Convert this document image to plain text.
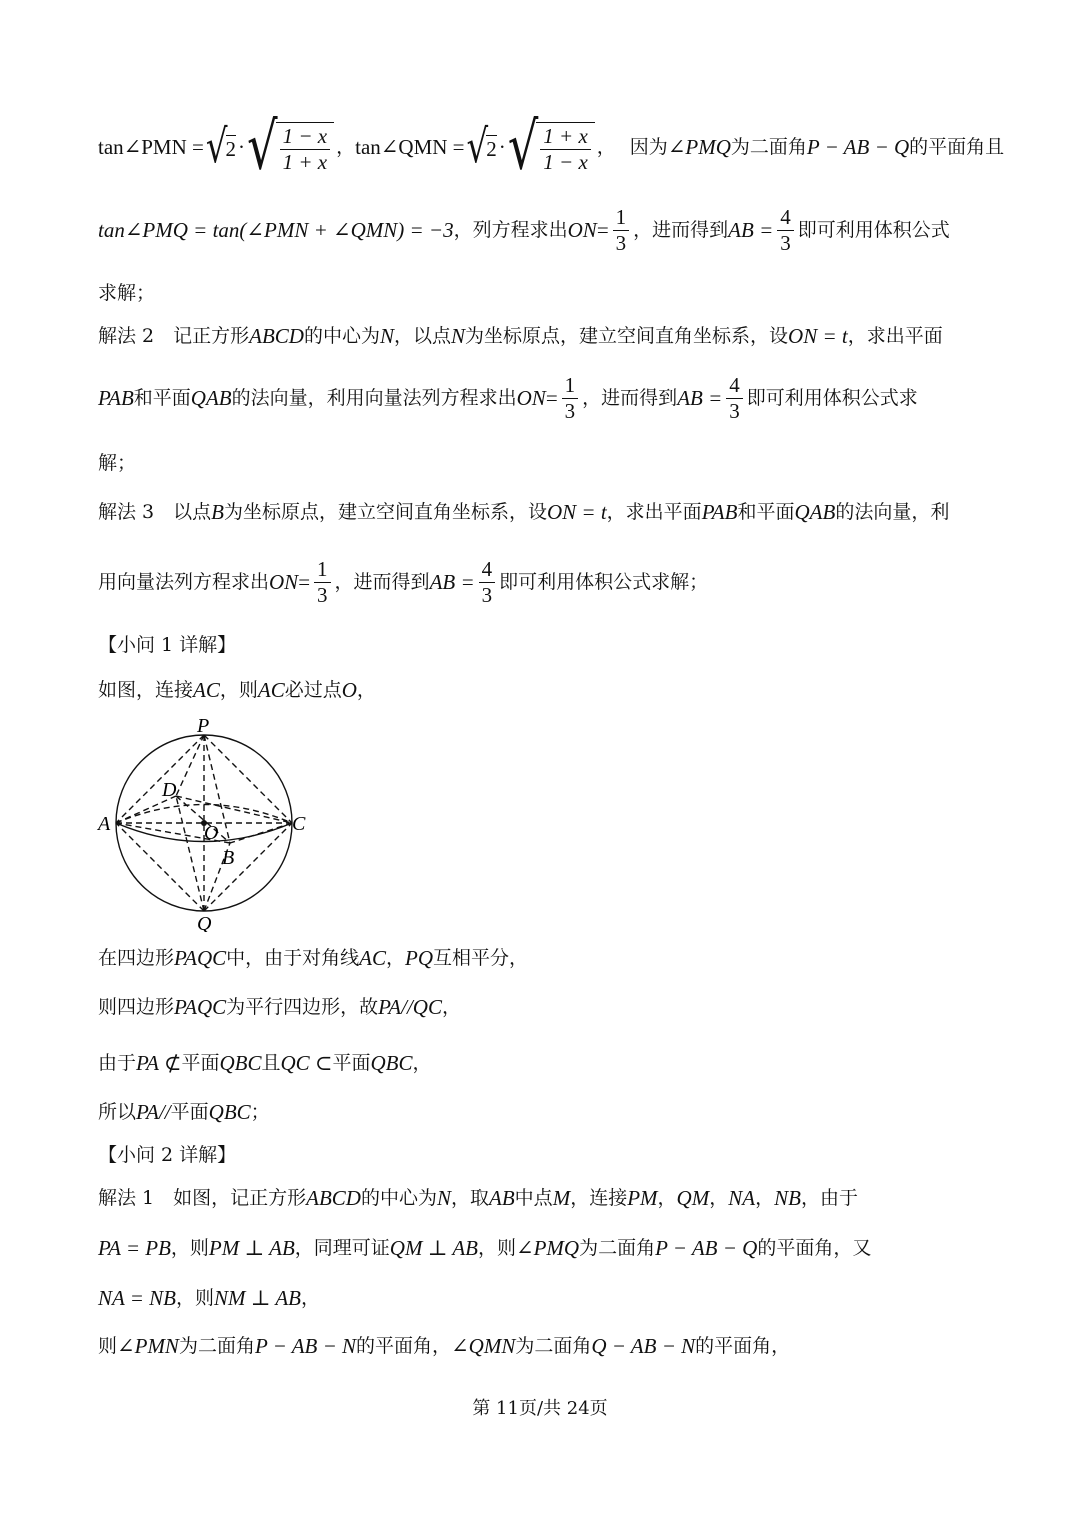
tan∠PMN = √
2 · √ $\frac{1 - x}{1 + x}$ ， tan∠QMN = √
2 · √ $\frac{1 + x}{1 - x}$ ， 因为 ∠PMQ 为二面角 P − AB − Q 的平面角且
tan∠PMQ = tan(∠PMN + ∠QMN) = −3 ，列方程求出 ON = $\frac{1}{3}$ ，进而得到 AB = $\frac{4}{3}$ 即可利用体积公式
求解；
解法 2　记正方形 ABCD 的中心为 N ，以点 N 为坐标原点，建立空间直角坐标系，设 ON = t ，求出平面
PAB 和平面 QAB 的法向量，利用向量法列方程求出 ON = $\frac{1}{3}$ ，进而得到 AB = $\frac{4}{3}$ 即可利用体积公式求
解；
解法 3　以点 B 为坐标原点，建立空间直角坐标系，设 ON = t ，求出平面 PAB 和平面 QAB 的法向量，利
用向量法列方程求出 ON = $\frac{1}{3}$ ，进而得到 AB = $\frac{4}{3}$ 即可利用体积公式求解；
【小问 1 详解】
如图，连接 AC ，则 AC 必过点 O ，
P
Q
A	C
D
O
B
在四边形 PAQC 中，由于对角线 AC ， PQ 互相平分，
则四边形 PAQC 为平行四边形，故 PA//QC ，
由于 PA ⊄ 平面 QBC 且 QC ⊂ 平面 QBC ，
所以 PA// 平面 QBC ；
【小问 2 详解】
解法 1　如图，记正方形 ABCD 的中心为 N ，取 AB 中点 M ，连接 PM ， QM ， NA ， NB ，由于
PA = PB ，则 PM ⊥ AB ，同理可证 QM ⊥ AB ，则 ∠PMQ 为二面角 P − AB − Q 的平面角，又
NA = NB ，则 NM ⊥ AB ，
则 ∠PMN 为二面角 P − AB − N 的平面角， ∠QMN 为二面角 Q − AB − N 的平面角，
第 11页/共 24页
